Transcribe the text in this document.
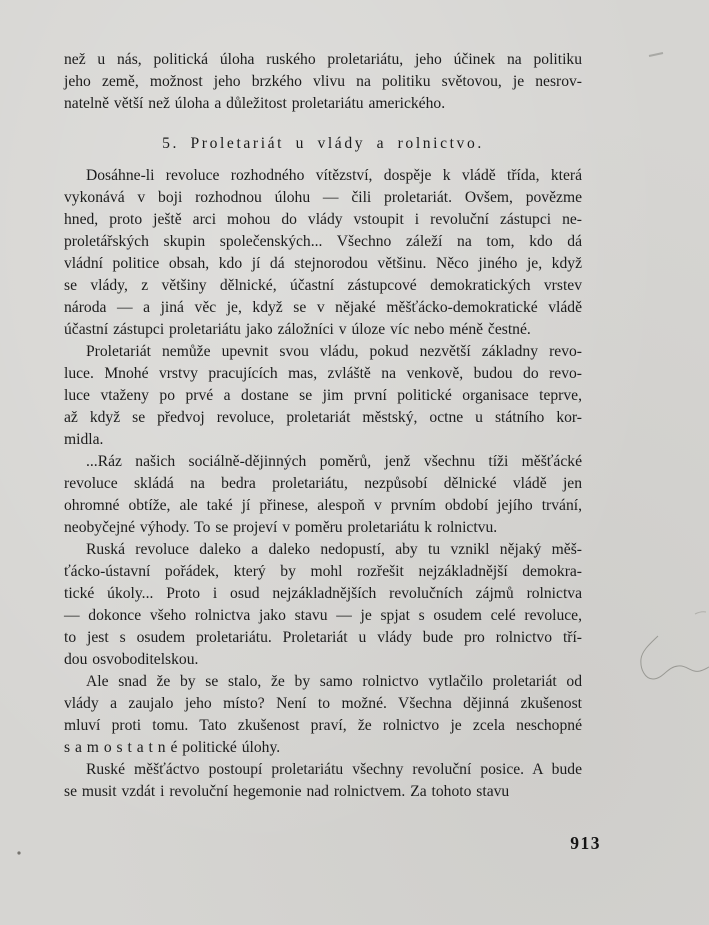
než u nás, politická úloha ruského proletariátu, jeho účinek na politiku
jeho země, možnost jeho brzkého vlivu na politiku světovou, je nesrov-
natelně větší než úloha a důležitost proletariátu amerického.
5. Proletariát u vlády a rolnictvo.
Dosáhne-li revoluce rozhodného vítězství, dospěje k vládě třída, která
vykonává v boji rozhodnou úlohu — čili proletariát. Ovšem, povězme
hned, proto ještě arci mohou do vlády vstoupit i revoluční zástupci ne-
proletářských skupin společenských... Všechno záleží na tom, kdo dá
vládní politice obsah, kdo jí dá stejnorodou většinu. Něco jiného je, když
se vlády, z většiny dělnické, účastní zástupcové demokratických vrstev
národa — a jiná věc je, když se v nějaké měšťácko-demokratické vládě
účastní zástupci proletariátu jako záložníci v úloze víc nebo méně čestné.
Proletariát nemůže upevnit svou vládu, pokud nezvětší základny revo-
luce. Mnohé vrstvy pracujících mas, zvláště na venkově, budou do revo-
luce vtaženy po prvé a dostane se jim první politické organisace teprve,
až když se předvoj revoluce, proletariát městský, octne u státního kor-
midla.
...Ráz našich sociálně-dějinných poměrů, jenž všechnu tíži měšťácké
revoluce skládá na bedra proletariátu, nezpůsobí dělnické vládě jen
ohromné obtíže, ale také jí přinese, alespoň v prvním období jejího trvání,
neobyčejné výhody. To se projeví v poměru proletariátu k rolnictvu.
Ruská revoluce daleko a daleko nedopustí, aby tu vznikl nějaký měš-
ťácko-ústavní pořádek, který by mohl rozřešit nejzákladnější demokra-
tické úkoly... Proto i osud nejzákladnějších revolučních zájmů rolnictva
— dokonce všeho rolnictva jako stavu — je spjat s osudem celé revoluce,
to jest s osudem proletariátu. Proletariát u vlády bude pro rolnictvo tří-
dou osvoboditelskou.
Ale snad že by se stalo, že by samo rolnictvo vytlačilo proletariát od
vlády a zaujalo jeho místo? Není to možné. Všechna dějinná zkušenost
mluví proti tomu. Tato zkušenost praví, že rolnictvo je zcela neschopné
s a m o s t a t n é politické úlohy.
Ruské měšťáctvo postoupí proletariátu všechny revoluční posice. A bude
se musit vzdát i revoluční hegemonie nad rolnictvem. Za tohoto stavu
913
